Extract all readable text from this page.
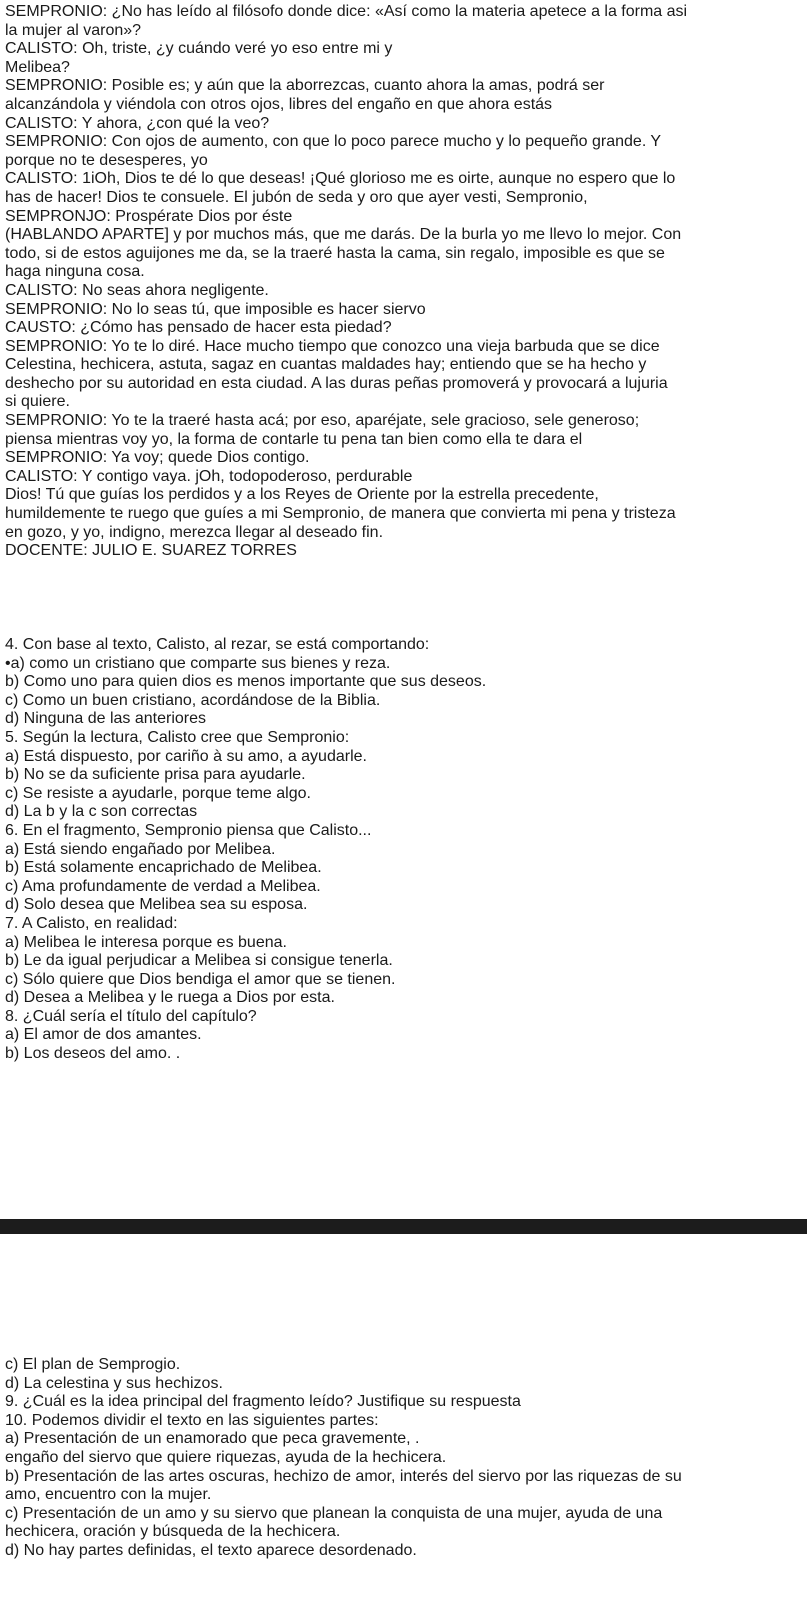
SEMPRONIO: ¿No has leído al filósofo donde dice: «Así como la materia apetece a la forma asi
la mujer al varon»?
CALISTO: Oh, triste, ¿y cuándo veré yo eso entre mi y
Melibea?
SEMPRONIO: Posible es; y aún que la aborrezcas, cuanto ahora la amas, podrá ser
alcanzándola y viéndola con otros ojos, libres del engaño en que ahora estás
CALISTO: Y ahora, ¿con qué la veo?
SEMPRONIO: Con ojos de aumento, con que lo poco parece mucho y lo pequeño grande. Y
porque no te desesperes, yo
CALISTO: 1iOh, Dios te dé lo que deseas! ¡Qué glorioso me es oirte, aunque no espero que lo
has de hacer! Dios te consuele. El jubón de seda y oro que ayer vesti, Sempronio,
SEMPRONJO: Prospérate Dios por éste
(HABLANDO APARTE] y por muchos más, que me darás. De la burla yo me llevo lo mejor. Con
todo, si de estos aguijones me da, se la traeré hasta la cama, sin regalo, imposible es que se
haga ninguna cosa.
CALISTO: No seas ahora negligente.
SEMPRONIO: No lo seas tú, que imposible es hacer siervo
CAUSTO: ¿Cómo has pensado de hacer esta piedad?
SEMPRONIO: Yo te lo diré. Hace mucho tiempo que conozco una vieja barbuda que se dice
Celestina, hechicera, astuta, sagaz en cuantas maldades hay; entiendo que se ha hecho y
deshecho por su autoridad en esta ciudad. A las duras peñas promoverá y provocará a lujuria
si quiere.
SEMPRONIO: Yo te la traeré hasta acá; por eso, aparéjate, sele gracioso, sele generoso;
piensa mientras voy yo, la forma de contarle tu pena tan bien como ella te dara el
SEMPRONIO: Ya voy; quede Dios contigo.
CALISTO: Y contigo vaya. jOh, todopoderoso, perdurable
Dios! Tú que guías los perdidos y a los Reyes de Oriente por la estrella precedente,
humildemente te ruego que guíes a mi Sempronio, de manera que convierta mi pena y tristeza
en gozo, y yo, indigno, merezca llegar al deseado fin.
DOCENTE: JULIO E. SUAREZ TORRES
4. Con base al texto, Calisto, al rezar, se está comportando:
•a) como un cristiano que comparte sus bienes y reza.
b) Como uno para quien dios es menos importante que sus deseos.
c) Como un buen cristiano, acordándose de la Biblia.
d) Ninguna de las anteriores
5. Según la lectura, Calisto cree que Sempronio:
a) Está dispuesto, por cariño à su amo, a ayudarle.
b) No se da suficiente prisa para ayudarle.
c) Se resiste a ayudarle, porque teme algo.
d) La b y la c son correctas
6. En el fragmento, Sempronio piensa que Calisto...
a) Está siendo engañado por Melibea.
b) Está solamente encaprichado de Melibea.
c) Ama profundamente de verdad a Melibea.
d) Solo desea que Melibea sea su esposa.
7. A Calisto, en realidad:
a) Melibea le interesa porque es buena.
b) Le da igual perjudicar a Melibea si consigue tenerla.
c) Sólo quiere que Dios bendiga el amor que se tienen.
d) Desea a Melibea y le ruega a Dios por esta.
8. ¿Cuál sería el título del capítulo?
a) El amor de dos amantes.
b) Los deseos del amo. .
c) El plan de Semprogio.
d) La celestina y sus hechizos.
9. ¿Cuál es la idea principal del fragmento leído? Justifique su respuesta
10. Podemos dividir el texto en las siguientes partes:
a) Presentación de un enamorado que peca gravemente, .
engaño del siervo que quiere riquezas, ayuda de la hechicera.
b) Presentación de las artes oscuras, hechizo de amor, interés del siervo por las riquezas de su
amo, encuentro con la mujer.
c) Presentación de un amo y su siervo que planean la conquista de una mujer, ayuda de una
hechicera, oración y búsqueda de la hechicera.
d) No hay partes definidas, el texto aparece desordenado.
